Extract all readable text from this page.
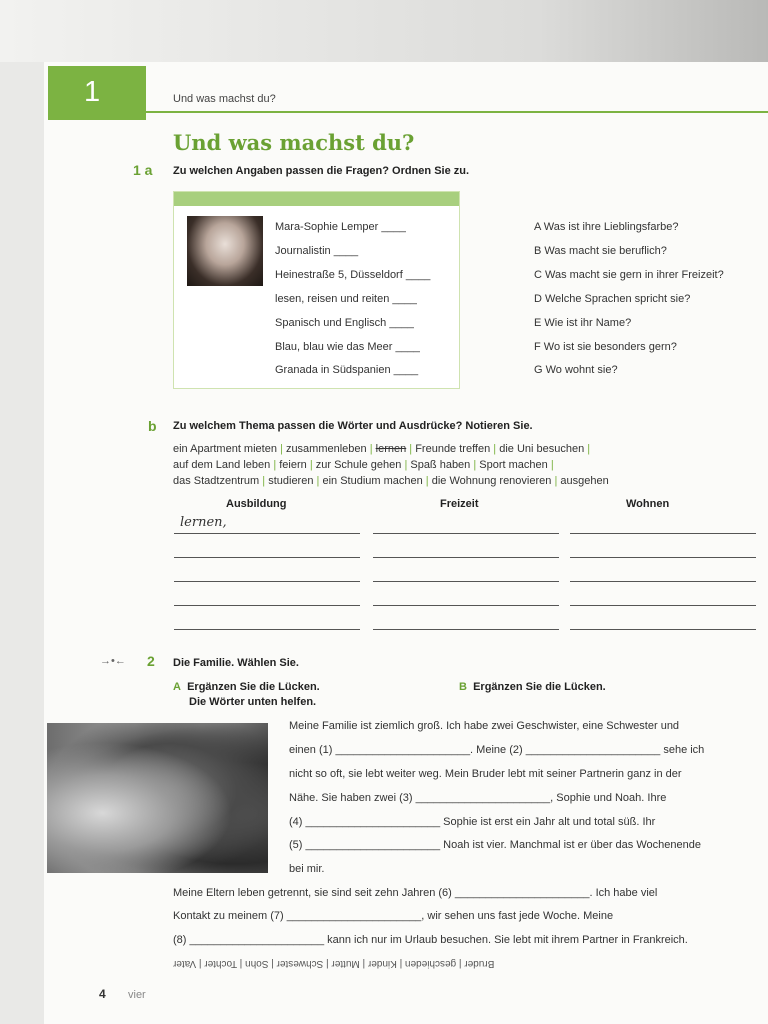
1	Und was machst du?
Und was machst du?
1 a Zu welchen Angaben passen die Fragen? Ordnen Sie zu.
Mara-Sophie Lemper ____
Journalistin ____
Heinestraße 5, Düsseldorf ____
lesen, reisen und reiten ____
Spanisch und Englisch ____
Blau, blau wie das Meer ____
Granada in Südspanien ____
A Was ist ihre Lieblingsfarbe?
B Was macht sie beruflich?
C Was macht sie gern in ihrer Freizeit?
D Welche Sprachen spricht sie?
E Wie ist ihr Name?
F Wo ist sie besonders gern?
G Wo wohnt sie?
b Zu welchem Thema passen die Wörter und Ausdrücke? Notieren Sie.
ein Apartment mieten | zusammenleben | lernen | Freunde treffen | die Uni besuchen |
auf dem Land leben | feiern | zur Schule gehen | Spaß haben | Sport machen |
das Stadtzentrum | studieren | ein Studium machen | die Wohnung renovieren | ausgehen
Ausbildung	Freizeit	Wohnen
lernen,
→•← 2 Die Familie. Wählen Sie.
A Ergänzen Sie die Lücken.
Die Wörter unten helfen.
B Ergänzen Sie die Lücken.
Meine Familie ist ziemlich groß. Ich habe zwei Geschwister, eine Schwester und
einen (1) ______________________. Meine (2) ______________________ sehe ich
nicht so oft, sie lebt weiter weg. Mein Bruder lebt mit seiner Partnerin ganz in der
Nähe. Sie haben zwei (3) ______________________, Sophie und Noah. Ihre
(4) ______________________ Sophie ist erst ein Jahr alt und total süß. Ihr
(5) ______________________ Noah ist vier. Manchmal ist er über das Wochenende
bei mir.
Meine Eltern leben getrennt, sie sind seit zehn Jahren (6) ______________________. Ich habe viel
Kontakt zu meinem (7) ______________________, wir sehen uns fast jede Woche. Meine
(8) ______________________ kann ich nur im Urlaub besuchen. Sie lebt mit ihrem Partner in Frankreich.
Bruder | geschieden | Kinder | Mutter | Schwester | Sohn | Tochter | Vater
4 vier
